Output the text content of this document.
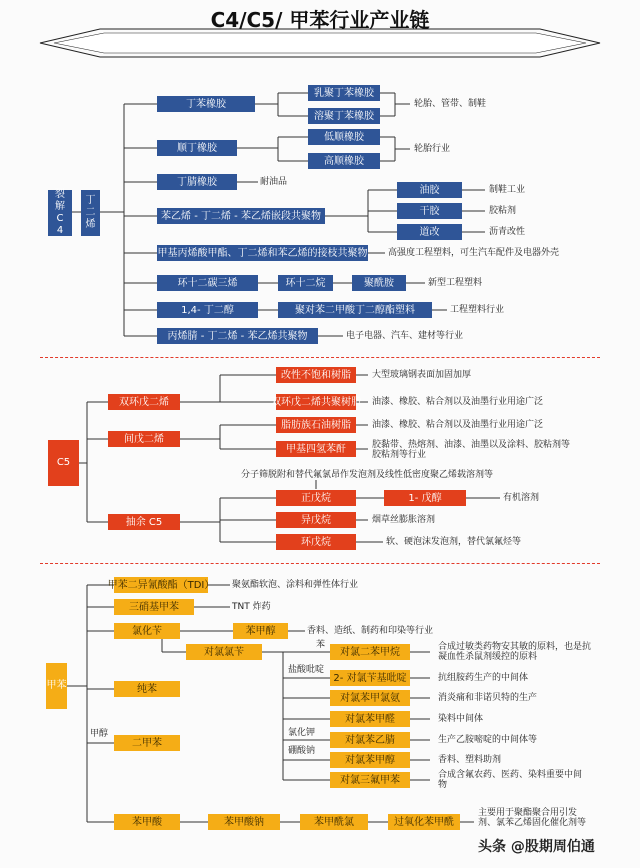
C4/C5/ 甲苯行业产业链
裂解C4
丁二烯
丁苯橡胶
乳聚丁苯橡胶
溶聚丁苯橡胶
轮胎、管带、制鞋
顺丁橡胶
低顺橡胶
高顺橡胶
轮胎行业
丁腈橡胶	耐油品
苯乙烯 - 丁二烯 - 苯乙烯嵌段共聚物
油胶
干胶
道改
制鞋工业
胶粘剂
沥青改性
甲基丙烯酸甲酯、丁二烯和苯乙烯的接枝共聚物 高强度工程塑料，可生汽车配件及电器外壳
环十二碳三烯	环十二烷	聚酰胺	新型工程塑料
1,4- 丁二醇	聚对苯二甲酸丁二醇酯塑料	工程塑料行业
丙烯腈 - 丁二烯 - 苯乙烯共聚物	电子电器、汽车、建材等行业
C5
双环戊二烯
改性不饱和树脂
双环戊二烯共聚树脂
大型玻璃钢表面加固加厚
油漆、橡胶、粘合剂以及油墨行业用途广泛
间戊二烯
脂肪族石油树脂
甲基四氢苯酐
油漆、橡胶、粘合剂以及油墨行业用途广泛
胶黏带、热熔剂、油漆、油墨以及涂料、胶粘剂等胶粘剂等行业
分子筛脱附和替代氟氯昂作发泡剂及线性低密度聚乙烯载溶剂等
抽余 C5
正戊烷	1- 戊醇	有机溶剂
异戊烷	烟草丝膨胀溶剂
环戊烷	软、硬泡沫发泡剂，替代氯氟烃等
甲苯
甲苯二异氰酸酯（TDI） 聚氨酯软泡、涂料和弹性体行业
三硝基甲苯	TNT 炸药
氯化苄	苯甲醇	香料、造纸、制药和印染等行业
对氯氯苄
苯
盐酸吡啶
氯化钾
硼酸钠
对氯二苯甲烷
2- 对氯苄基吡啶
对氯苯甲氯氨
对氯苯甲醛
对氯苯乙腈
对氯苯甲醇
对氯三氟甲苯
合成过敏类药物安其敏的原料，也是抗凝血性杀鼠剂缓控的原料
抗组胺药生产的中间体
消炎痛和非诺贝特的生产
染料中间体
生产乙胺嘧啶的中间体等
香料、塑料助剂
合成含氟农药、医药、染料重要中间物
纯苯
甲醇
二甲苯
苯甲酸	苯甲酸钠	苯甲酰氯	过氧化苯甲酰
主要用于聚酯聚合用引发剂、氯苯乙烯固化催化剂等
头条 @股期周伯通
